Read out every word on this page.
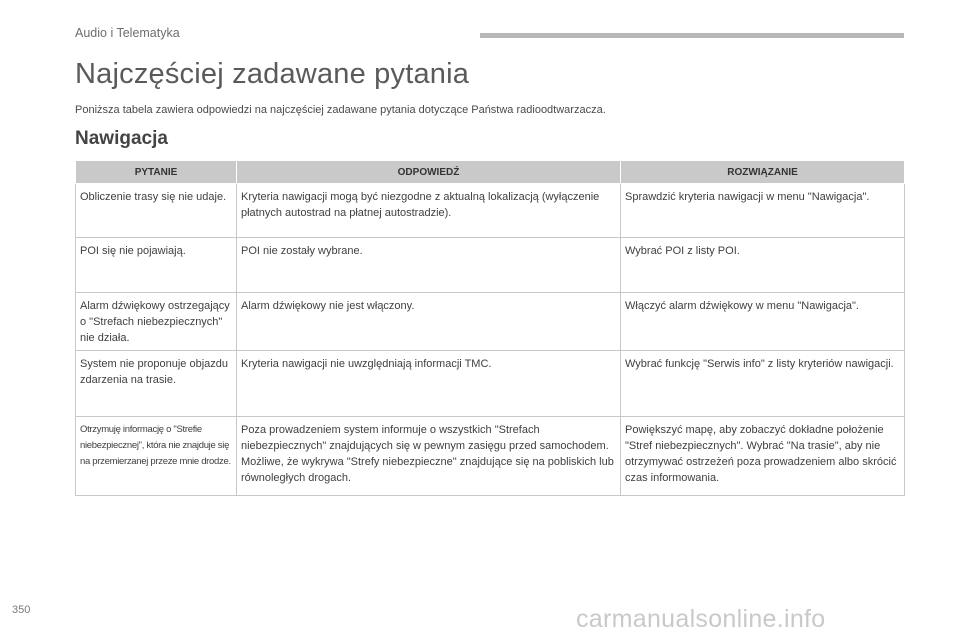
Audio i Telematyka
Najczęściej zadawane pytania
Poniższa tabela zawiera odpowiedzi na najczęściej zadawane pytania dotyczące Państwa radioodtwarzacza.
Nawigacja
PYTANIE	ODPOWIEDŹ	ROZWIĄZANIE
Obliczenie trasy się nie udaje.	Kryteria nawigacji mogą być niezgodne z aktualną lokalizacją (wyłączenie płatnych autostrad na płatnej autostradzie).	Sprawdzić kryteria nawigacji w menu "Nawigacja".
POI się nie pojawiają.	POI nie zostały wybrane.	Wybrać POI z listy POI.
Alarm dźwiękowy ostrzegający o "Strefach niebezpiecznych" nie działa.	Alarm dźwiękowy nie jest włączony.	Włączyć alarm dźwiękowy w menu "Nawigacja".
System nie proponuje objazdu zdarzenia na trasie.	Kryteria nawigacji nie uwzględniają informacji TMC.	Wybrać funkcję "Serwis info" z listy kryteriów nawigacji.
Otrzymuję informację o "Strefie niebezpiecznej", która nie znajduje się na przemierzanej przeze mnie drodze.	Poza prowadzeniem system informuje o wszystkich "Strefach niebezpiecznych" znajdujących się w pewnym zasięgu przed samochodem. Możliwe, że wykrywa "Strefy niebezpieczne" znajdujące się na pobliskich lub równoległych drogach.	Powiększyć mapę, aby zobaczyć dokładne położenie "Stref niebezpiecznych". Wybrać "Na trasie", aby nie otrzymywać ostrzeżeń poza prowadzeniem albo skrócić czas informowania.
350	carmanualsonline.info
